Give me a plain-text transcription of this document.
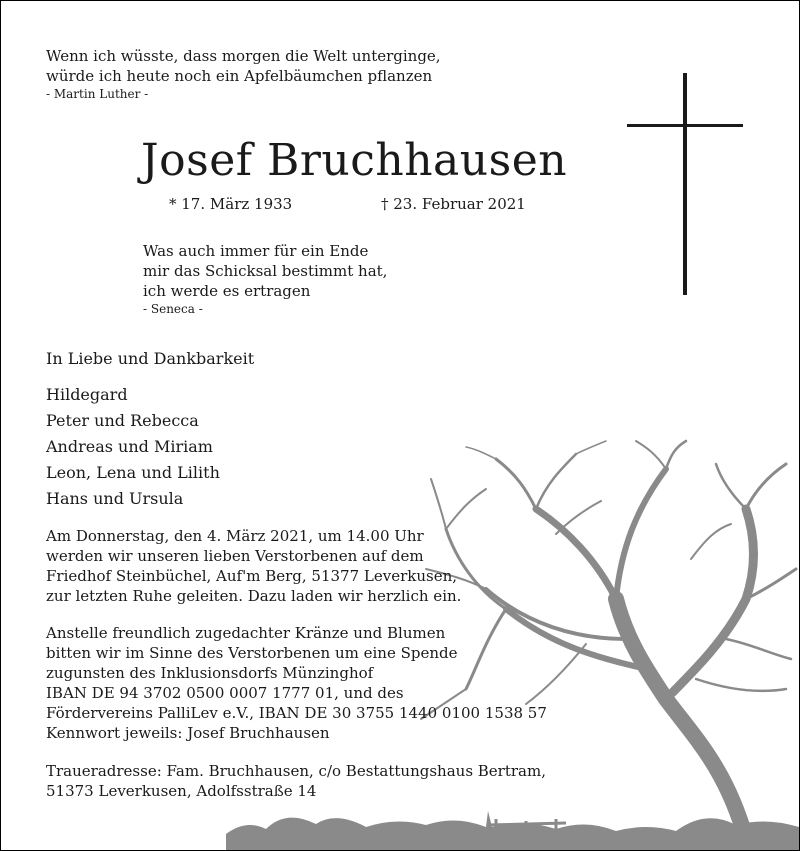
Wenn ich wüsste, dass morgen die Welt unterginge,
würde ich heute noch ein Apfelbäumchen pflanzen
- Martin Luther -
Josef Bruchhausen
* 17. März 1933	† 23. Februar 2021
Was auch immer für ein Ende
mir das Schicksal bestimmt hat,
ich werde es ertragen
- Seneca -
In Liebe und Dankbarkeit
Hildegard
Peter und Rebecca
Andreas und Miriam
Leon, Lena und Lilith
Hans und Ursula
Am Donnerstag, den 4. März 2021, um 14.00 Uhr
werden wir unseren lieben Verstorbenen auf dem
Friedhof Steinbüchel, Auf'm Berg, 51377 Leverkusen,
zur letzten Ruhe geleiten. Dazu laden wir herzlich ein.
Anstelle freundlich zugedachter Kränze und Blumen
bitten wir im Sinne des Verstorbenen um eine Spende
zugunsten des Inklusionsdorfs Münzinghof
IBAN DE 94 3702 0500 0007 1777 01, und des
Fördervereins PalliLev e.V., IBAN DE 30 3755 1440 0100 1538 57
Kennwort jeweils: Josef Bruchhausen
Traueradresse: Fam. Bruchhausen, c/o Bestattungshaus Bertram,
51373 Leverkusen, Adolfsstraße 14
